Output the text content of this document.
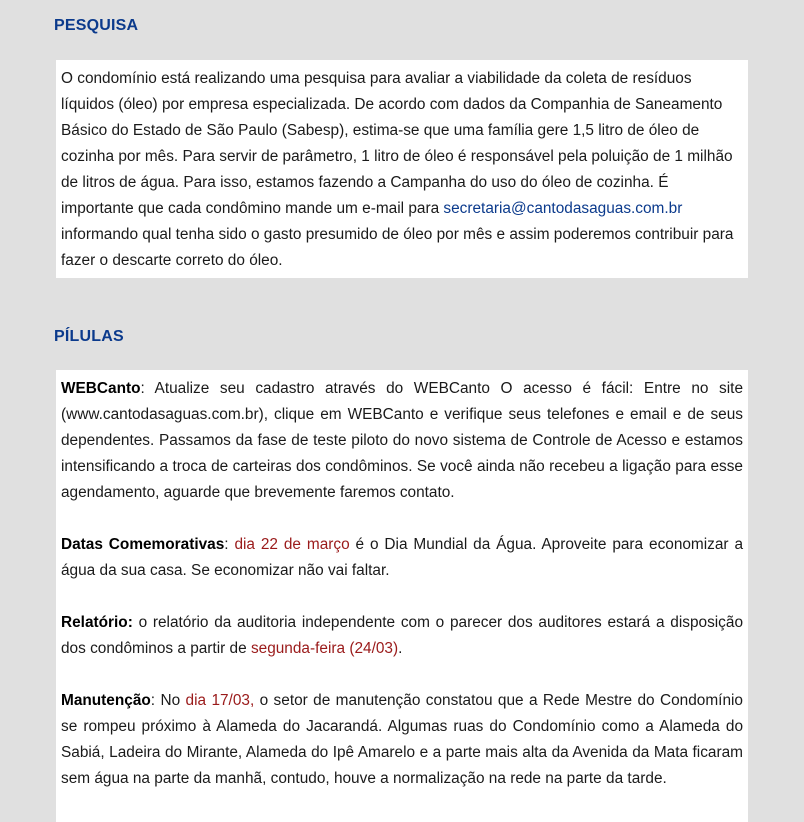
PESQUISA

O condomínio está realizando uma pesquisa para avaliar a viabilidade da coleta de resíduos líquidos (óleo) por empresa especializada. De acordo com dados da Companhia de Saneamento Básico do Estado de São Paulo (Sabesp), estima-se que uma família gere 1,5 litro de óleo de cozinha por mês. Para servir de parâmetro, 1 litro de óleo é responsável pela poluição de 1 milhão de litros de água. Para isso, estamos fazendo a Campanha do uso do óleo de cozinha. É importante que cada condômino mande um e-mail para secretaria@cantodasaguas.com.br informando qual tenha sido o gasto presumido de óleo por mês e assim poderemos contribuir para fazer o descarte correto do óleo.

PÍLULAS

WEBCanto: Atualize seu cadastro através do WEBCanto O acesso é fácil: Entre no site (www.cantodasaguas.com.br), clique em WEBCanto e verifique seus telefones e email e de seus dependentes. Passamos da fase de teste piloto do novo sistema de Controle de Acesso e estamos intensificando a troca de carteiras dos condôminos. Se você ainda não recebeu a ligação para esse agendamento, aguarde que brevemente faremos contato.

Datas Comemorativas: dia 22 de março é o Dia Mundial da Água. Aproveite para economizar a água da sua casa. Se economizar não vai faltar.

Relatório: o relatório da auditoria independente com o parecer dos auditores estará a disposição dos condôminos a partir de segunda-feira (24/03).

Manutenção: No dia 17/03, o setor de manutenção constatou que a Rede Mestre do Condomínio se rompeu próximo à Alameda do Jacarandá. Algumas ruas do Condomínio como a Alameda do Sabiá, Ladeira do Mirante, Alameda do Ipê Amarelo e a parte mais alta da Avenida da Mata ficaram sem água na parte da manhã, contudo, houve a normalização na rede na parte da tarde.
